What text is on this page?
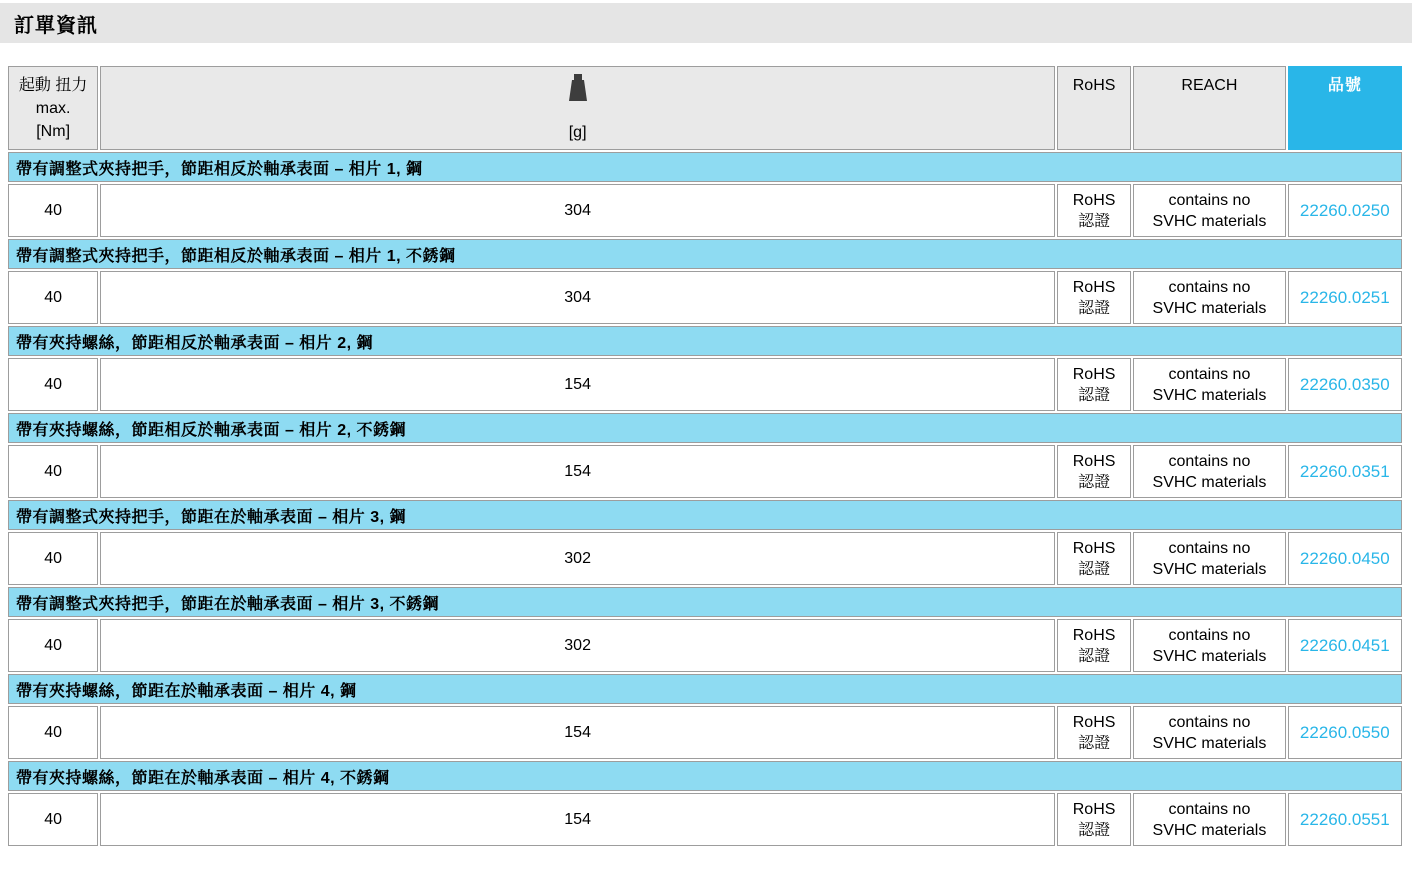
訂單資訊
起動 扭力
max.
[Nm]	[g]	RoHS	REACH	品號
帶有調整式夾持把手，節距相反於軸承表面 – 相片 1, 鋼				
40	304	RoHS 認證	contains no SVHC materials	22260.0250
帶有調整式夾持把手，節距相反於軸承表面 – 相片 1, 不銹鋼				
40	304	RoHS 認證	contains no SVHC materials	22260.0251
帶有夾持螺絲，節距相反於軸承表面 – 相片 2, 鋼				
40	154	RoHS 認證	contains no SVHC materials	22260.0350
帶有夾持螺絲，節距相反於軸承表面 – 相片 2, 不銹鋼				
40	154	RoHS 認證	contains no SVHC materials	22260.0351
帶有調整式夾持把手，節距在於軸承表面 – 相片 3, 鋼				
40	302	RoHS 認證	contains no SVHC materials	22260.0450
帶有調整式夾持把手，節距在於軸承表面 – 相片 3, 不銹鋼				
40	302	RoHS 認證	contains no SVHC materials	22260.0451
帶有夾持螺絲，節距在於軸承表面 – 相片 4, 鋼				
40	154	RoHS 認證	contains no SVHC materials	22260.0550
帶有夾持螺絲，節距在於軸承表面 – 相片 4, 不銹鋼				
40	154	RoHS 認證	contains no SVHC materials	22260.0551
